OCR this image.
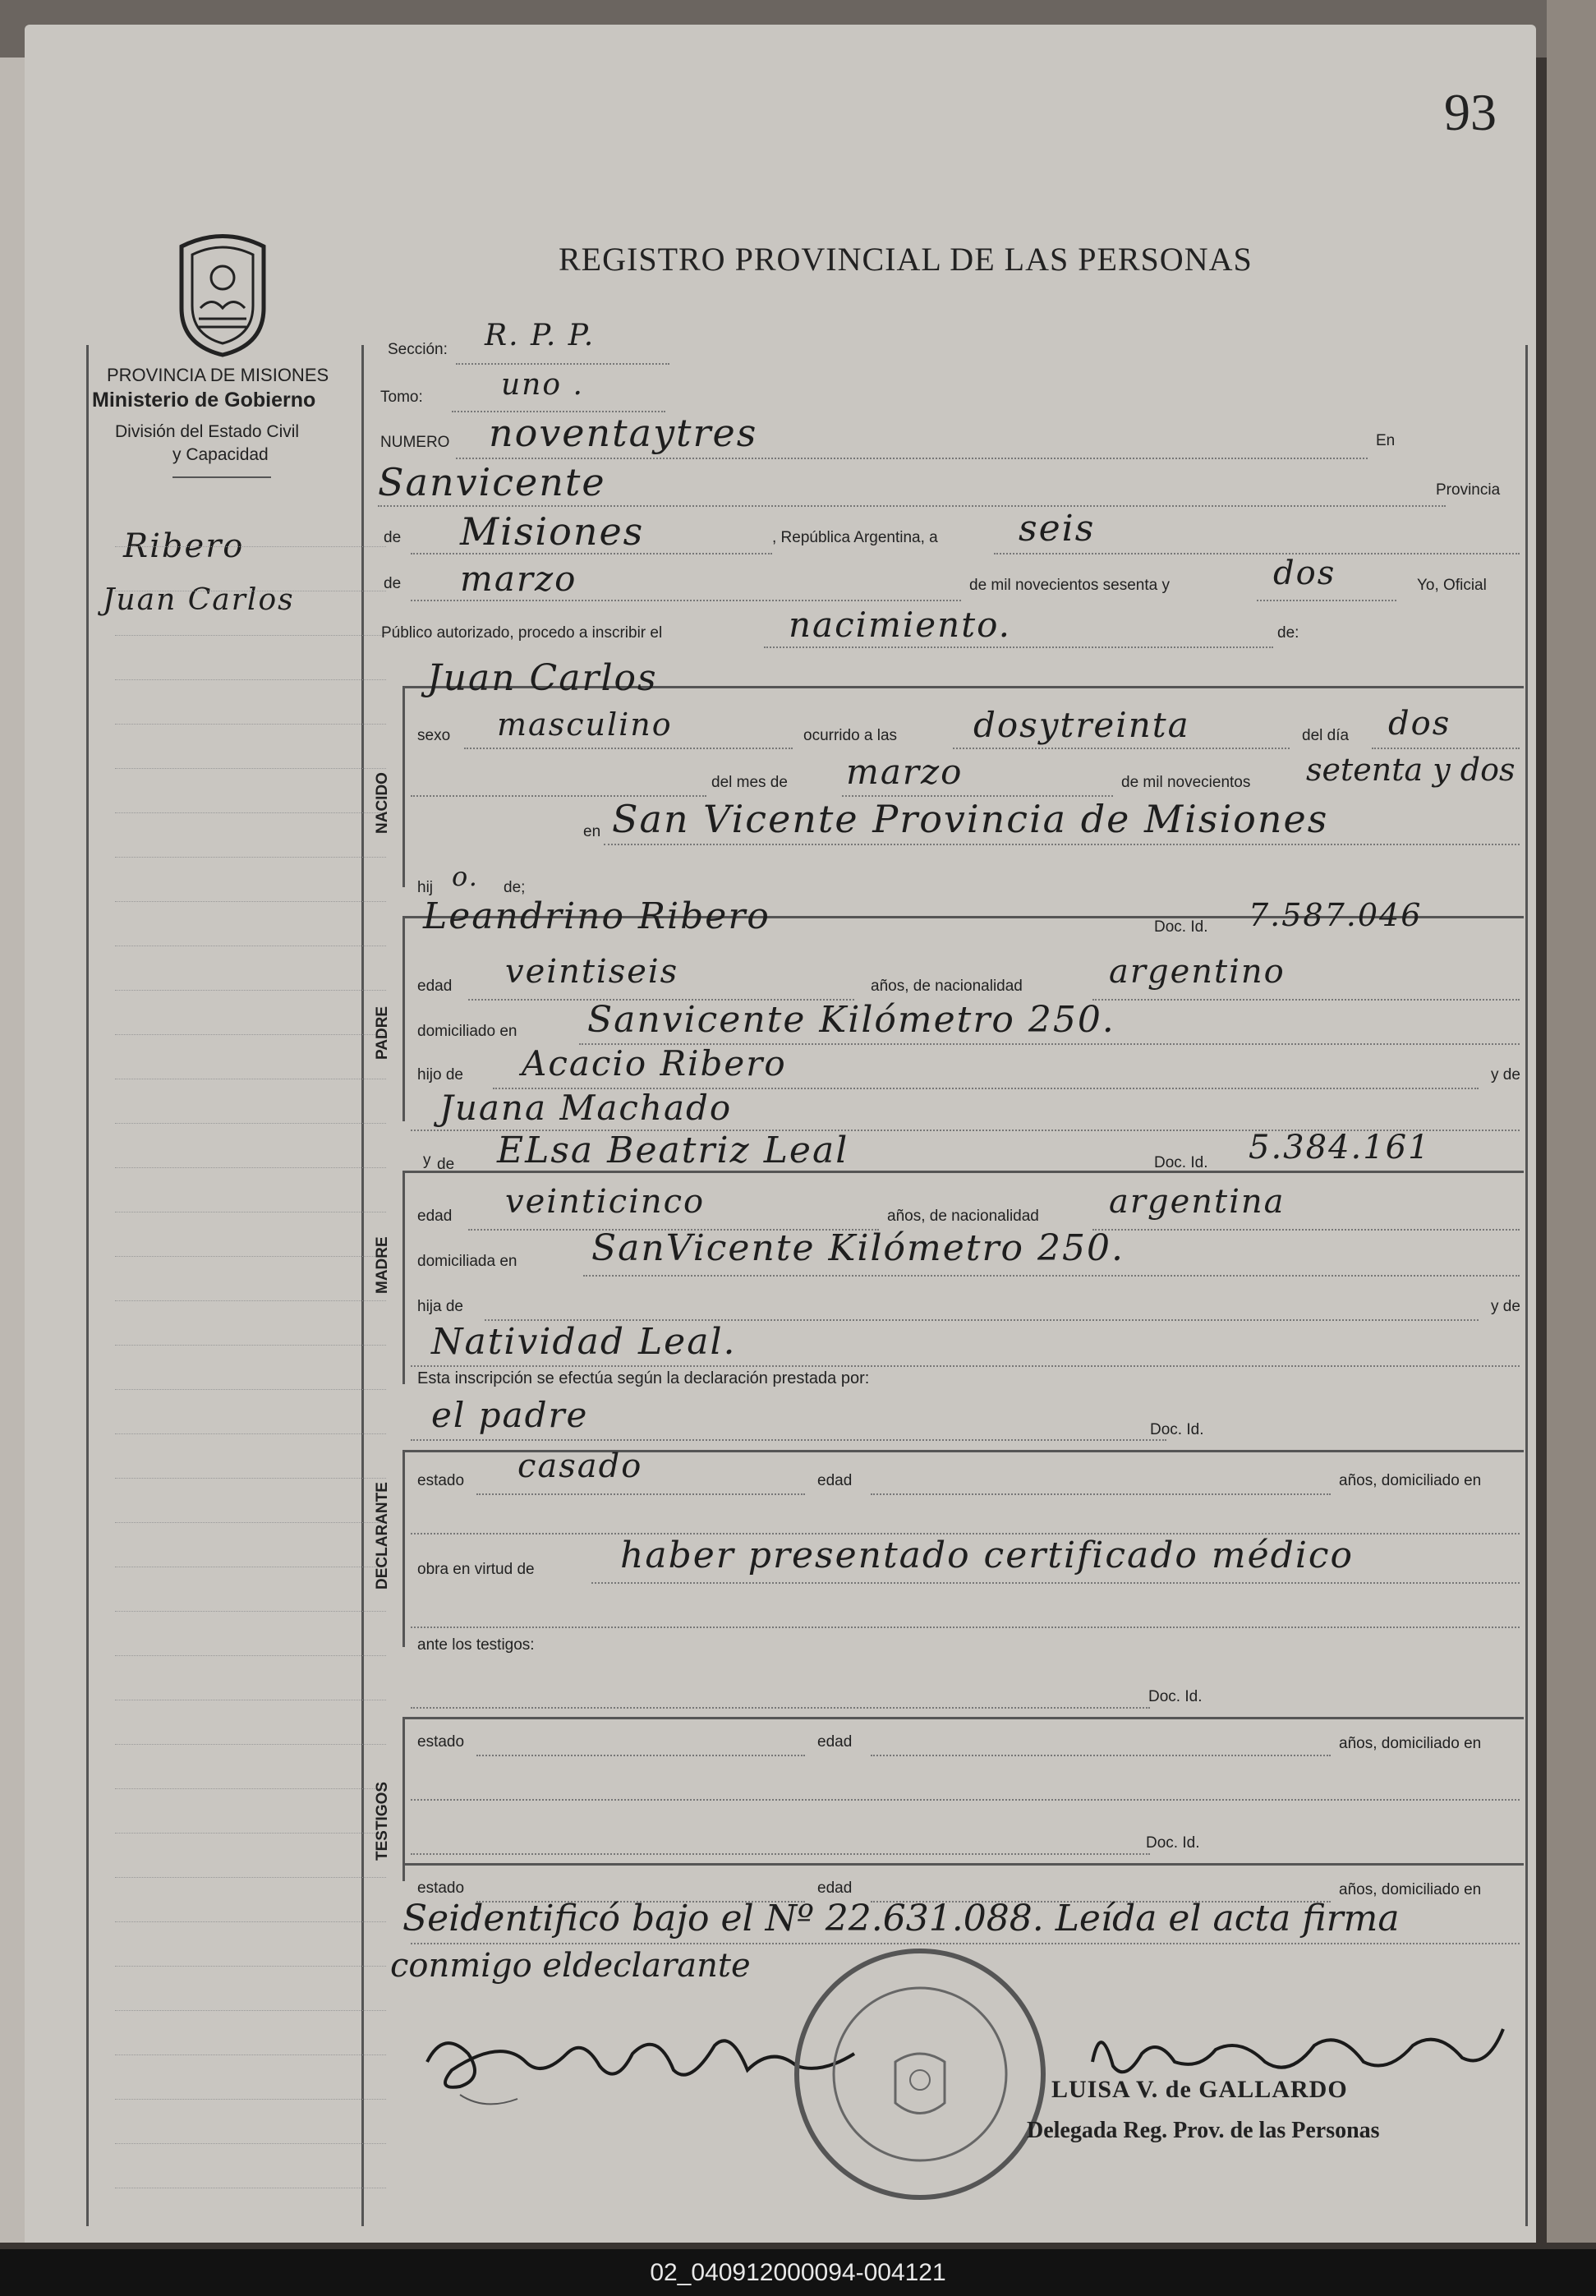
93
REGISTRO PROVINCIAL DE LAS PERSONAS
PROVINCIA DE MISIONES
Ministerio de Gobierno
División del Estado Civil
y Capacidad
Ribero
Juan Carlos
Sección: R. P. P.
Tomo:	uno .
NUMERO noventaytres	En
Sanvicente	Provincia
de Misiones	, República Argentina, a seis
de marzo	de mil novecientos sesenta y	dos	Yo, Oficial
Público autorizado, procedo a inscribir el	nacimiento.	de:
NACIDO
Juan Carlos
sexo masculino	ocurrido a las dosytreinta	del día dos
del mes de marzo	de mil novecientos setenta y dos
en San Vicente Provincia de Misiones
hij o. de;
PADRE
Leandrino Ribero	Doc. Id. 7.587.046
edad veintiseis	años, de nacionalidad	argentino
domiciliado en Sanvicente Kilómetro 250.
hijo de Acacio Ribero	y de
Juana Machado
MADRE
y de ELsa Beatriz Leal	Doc. Id. 5.384.161
edad veinticinco	años, de nacionalidad argentina
domiciliada en SanVicente Kilómetro 250.
hija de	y de
Natividad Leal.
Esta inscripción se efectúa según la declaración prestada por:
DECLARANTE
el padre	Doc. Id.
estado casado	edad	años, domiciliado en
obra en virtud de haber presentado certificado médico
ante los testigos:
TESTIGOS
Doc. Id.
estado	edad	años, domiciliado en
Doc. Id.
estado	edad	años, domiciliado en
Seidentificó bajo el Nº 22.631.088. Leída el acta firma
conmigo eldeclarante
LUISA V. de GALLARDO
Delegada Reg. Prov. de las Personas
02_040912000094-004121
